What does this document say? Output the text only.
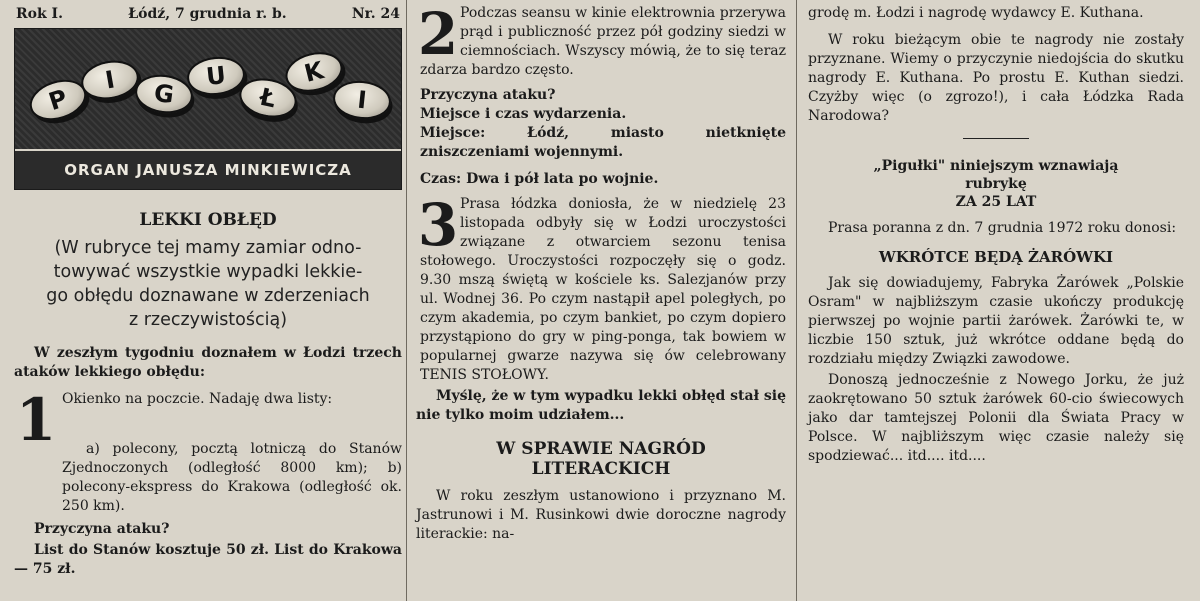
Rok I.	Łódź, 7 grudnia r. b.	Nr. 24
P
I	G
U
Ł
K
I
ORGAN JANUSZA MINKIEWICZA
LEKKI OBŁĘD
(W rubryce tej mamy zamiar odno-
towywać wszystkie wypadki lekkie-
go obłędu doznawane w zderzeniach
z rzeczywistością)
W zeszłym tygodniu doznałem w Łodzi trzech ataków lekkiego obłędu:
1 Okienko na poczcie. Nadaję dwa listy:
a) polecony, pocztą lotniczą do Stanów Zjednoczonych (odległość 8000 km); b) polecony-ekspress do Krakowa (odległość ok. 250 km).
Przyczyna ataku?
List do Stanów kosztuje 50 zł. List do Krakowa — 75 zł.
2 Podczas seansu w kinie elektrownia przerywa prąd i publiczność przez pół godziny siedzi w ciemnościach. Wszyscy mówią, że to się teraz zdarza bardzo często.
Przyczyna ataku?
Miejsce i czas wydarzenia.
Miejsce: Łódź, miasto nietknięte zniszczeniami wojennymi.
Czas: Dwa i pół lata po wojnie.
3 Prasa łódzka doniosła, że w niedzielę 23 listopada odbyły się w Łodzi uroczystości związane z otwarciem sezonu tenisa stołowego. Uroczystości rozpoczęły się o godz. 9.30 mszą świętą w kościele ks. Salezjanów przy ul. Wodnej 36. Po czym nastąpił apel poległych, po czym akademia, po czym bankiet, po czym dopiero przystąpiono do gry w ping-ponga, tak bowiem w popularnej gwarze nazywa się ów celebrowany TENIS STOŁOWY.
Myślę, że w tym wypadku lekki obłęd stał się nie tylko moim udziałem...
W SPRAWIE NAGRÓD
LITERACKICH
W roku zeszłym ustanowiono i przyznano M. Jastrunowi i M. Rusinkowi dwie doroczne nagrody literackie: na-
grodę m. Łodzi i nagrodę wydawcy E. Kuthana.
W roku bieżącym obie te nagrody nie zostały przyznane. Wiemy o przyczynie niedojścia do skutku nagrody E. Kuthana. Po prostu E. Kuthan siedzi. Czyżby więc (o zgrozo!), i cała Łódzka Rada Narodowa?
„Pigułki" niniejszym wznawiają
rubrykę
ZA 25 LAT
Prasa poranna z dn. 7 grudnia 1972 roku donosi:
WKRÓTCE BĘDĄ ŻARÓWKI
Jak się dowiadujemy, Fabryka Żarówek „Polskie Osram" w najbliższym czasie ukończy produkcję pierwszej po wojnie partii żarówek. Żarówki te, w liczbie 150 sztuk, już wkrótce oddane będą do rozdziału między Związki zawodowe.
Donoszą jednocześnie z Nowego Jorku, że już zaokrętowano 50 sztuk żarówek 60-cio świecowych jako dar tamtejszej Polonii dla Świata Pracy w Polsce. W najbliższym więc czasie należy się spodziewać... itd.... itd....
